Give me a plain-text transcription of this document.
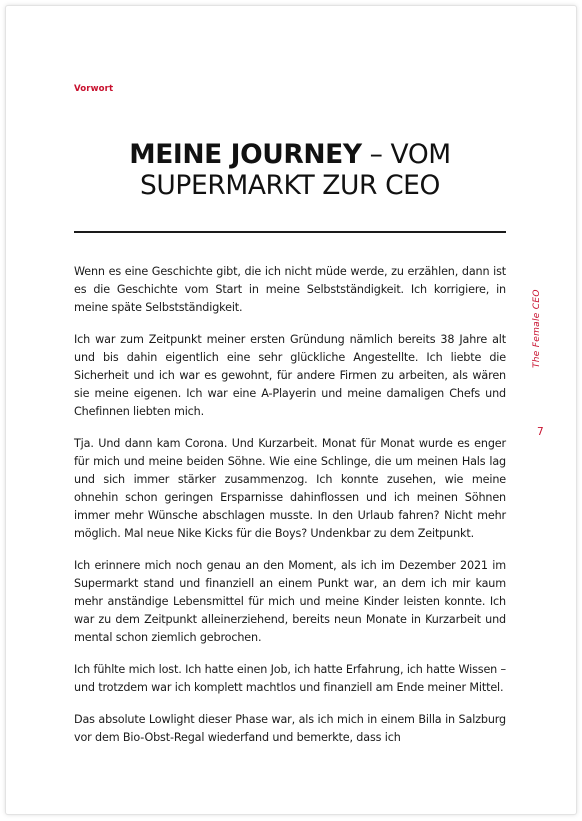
Vorwort
MEINE JOURNEY – VOM
SUPERMARKT ZUR CEO

Wenn es eine Geschichte gibt, die ich nicht müde werde, zu erzählen, dann ist es die Geschichte vom Start in meine Selbstständigkeit. Ich korrigiere, in meine späte Selbstständigkeit.

Ich war zum Zeitpunkt meiner ersten Gründung nämlich bereits 38 Jahre alt und bis dahin eigentlich eine sehr glückliche Angestellte. Ich liebte die Sicherheit und ich war es gewohnt, für andere Firmen zu arbeiten, als wären sie meine eigenen. Ich war eine A-Playerin und meine damaligen Chefs und Chefinnen liebten mich.

Tja. Und dann kam Corona. Und Kurzarbeit. Monat für Monat wurde es enger für mich und meine beiden Söhne. Wie eine Schlinge, die um meinen Hals lag und sich immer stärker zusammenzog. Ich konnte zusehen, wie meine ohnehin schon geringen Ersparnisse dahinflossen und ich meinen Söhnen immer mehr Wünsche abschlagen musste. In den Urlaub fahren? Nicht mehr möglich. Mal neue Nike Kicks für die Boys? Undenkbar zu dem Zeitpunkt.

Ich erinnere mich noch genau an den Moment, als ich im Dezember 2021 im Supermarkt stand und finanziell an einem Punkt war, an dem ich mir kaum mehr anständige Lebensmittel für mich und meine Kinder leisten konnte. Ich war zu dem Zeitpunkt alleinerziehend, bereits neun Monate in Kurzarbeit und mental schon ziemlich gebrochen.

Ich fühlte mich lost. Ich hatte einen Job, ich hatte Erfahrung, ich hatte Wissen – und trotzdem war ich komplett machtlos und finanziell am Ende meiner Mittel.

Das absolute Lowlight dieser Phase war, als ich mich in einem Billa in Salzburg vor dem Bio-Obst-Regal wiederfand und bemerkte, dass ich

The Female CEO
7
